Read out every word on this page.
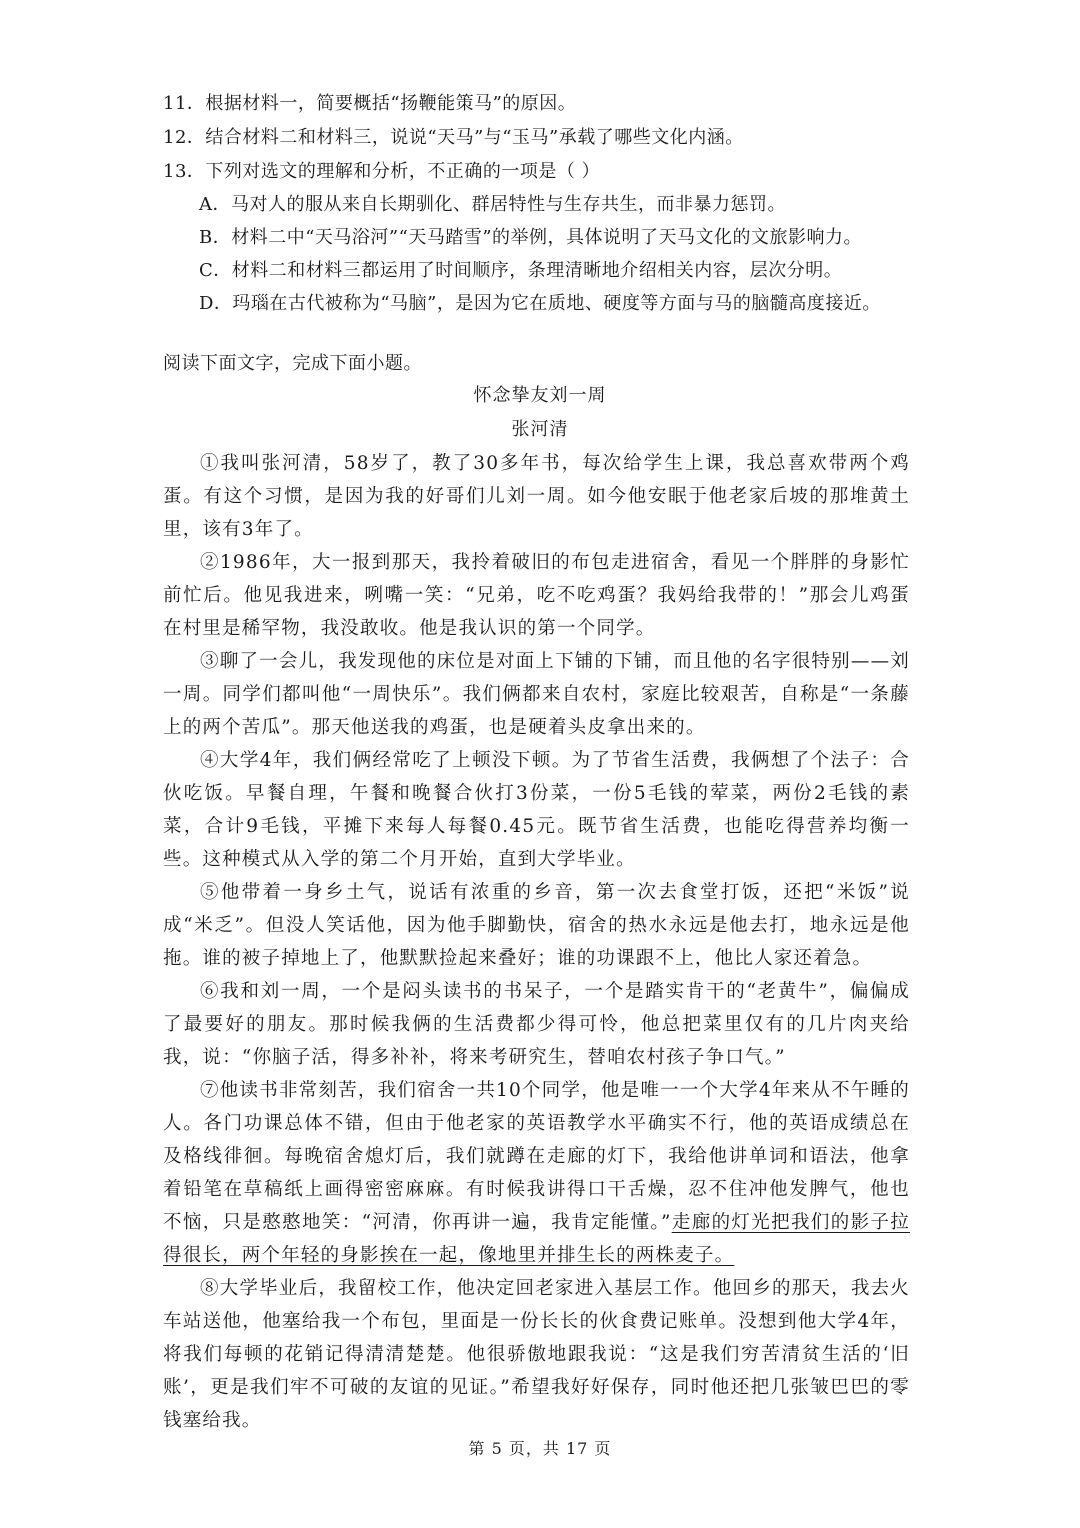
11．根据材料一，简要概括“扬鞭能策马”的原因。
12．结合材料二和材料三，说说“天马”与“玉马”承载了哪些文化内涵。
13．下列对选文的理解和分析，不正确的一项是（ ）
A．马对人的服从来自长期驯化、群居特性与生存共生，而非暴力惩罚。
B．材料二中“天马浴河”“天马踏雪”的举例，具体说明了天马文化的文旅影响力。
C．材料二和材料三都运用了时间顺序，条理清晰地介绍相关内容，层次分明。
D．玛瑙在古代被称为“马脑”，是因为它在质地、硬度等方面与马的脑髓高度接近。
阅读下面文字，完成下面小题。
怀念挚友刘一周
张河清

①我叫张河清，58岁了，教了30多年书，每次给学生上课，我总喜欢带两个鸡蛋。有这个习惯，是因为我的好哥们儿刘一周。如今他安眠于他老家后坡的那堆黄土里，该有3年了。

②1986年，大一报到那天，我拎着破旧的布包走进宿舍，看见一个胖胖的身影忙前忙后。他见我进来，咧嘴一笑：“兄弟，吃不吃鸡蛋？我妈给我带的！”那会儿鸡蛋在村里是稀罕物，我没敢收。他是我认识的第一个同学。

③聊了一会儿，我发现他的床位是对面上下铺的下铺，而且他的名字很特别——刘一周。同学们都叫他“一周快乐”。我们俩都来自农村，家庭比较艰苦，自称是“一条藤上的两个苦瓜”。那天他送我的鸡蛋，也是硬着头皮拿出来的。

④大学4年，我们俩经常吃了上顿没下顿。为了节省生活费，我俩想了个法子：合伙吃饭。早餐自理，午餐和晚餐合伙打3份菜，一份5毛钱的荤菜，两份2毛钱的素菜，合计9毛钱，平摊下来每人每餐0.45元。既节省生活费，也能吃得营养均衡一些。这种模式从入学的第二个月开始，直到大学毕业。

⑤他带着一身乡土气，说话有浓重的乡音，第一次去食堂打饭，还把“米饭”说成“米乏”。但没人笑话他，因为他手脚勤快，宿舍的热水永远是他去打，地永远是他拖。谁的被子掉地上了，他默默捡起来叠好；谁的功课跟不上，他比人家还着急。

⑥我和刘一周，一个是闷头读书的书呆子，一个是踏实肯干的“老黄牛”，偏偏成了最要好的朋友。那时候我俩的生活费都少得可怜，他总把菜里仅有的几片肉夹给我，说：“你脑子活，得多补补，将来考研究生，替咱农村孩子争口气。”

⑦他读书非常刻苦，我们宿舍一共10个同学，他是唯一一个大学4年来从不午睡的人。各门功课总体不错，但由于他老家的英语教学水平确实不行，他的英语成绩总在及格线徘徊。每晚宿舍熄灯后，我们就蹲在走廊的灯下，我给他讲单词和语法，他拿着铅笔在草稿纸上画得密密麻麻。有时候我讲得口干舌燥，忍不住冲他发脾气，他也不恼，只是憨憨地笑：“河清，你再讲一遍，我肯定能懂。”走廊的灯光把我们的影子拉得很长，两个年轻的身影挨在一起，像地里并排生长的两株麦子。

⑧大学毕业后，我留校工作，他决定回老家进入基层工作。他回乡的那天，我去火车站送他，他塞给我一个布包，里面是一份长长的伙食费记账单。没想到他大学4年，将我们每顿的花销记得清清楚楚。他很骄傲地跟我说：“这是我们穷苦清贫生活的‘旧账’，更是我们牢不可破的友谊的见证。”希望我好好保存，同时他还把几张皱巴巴的零钱塞给我。

第 5 页，共 17 页
